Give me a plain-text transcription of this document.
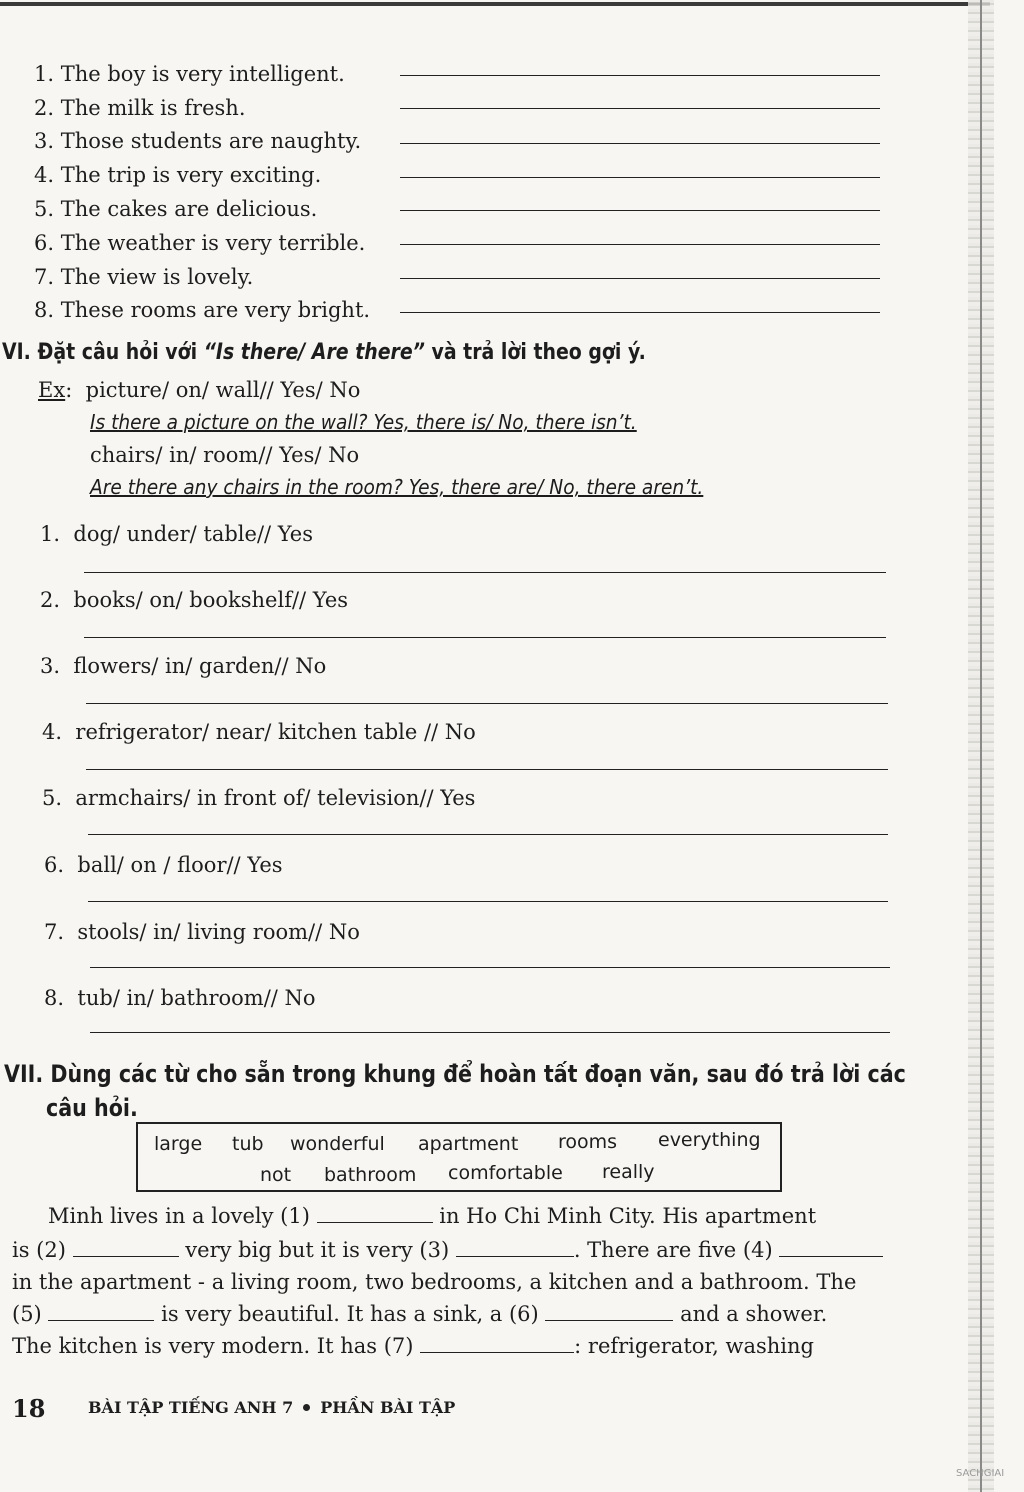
1. The boy is very intelligent.
2. The milk is fresh.
3. Those students are naughty.
4. The trip is very exciting.
5. The cakes are delicious.
6. The weather is very terrible.
7. The view is lovely.
8. These rooms are very bright.
VI. Đặt câu hỏi với “Is there/ Are there” và trả lời theo gợi ý.
Ex:  picture/ on/ wall// Yes/ No
Is there a picture on the wall? Yes, there is/ No, there isn’t.
chairs/ in/ room// Yes/ No
Are there any chairs in the room? Yes, there are/ No, there aren’t.
1. dog/ under/ table// Yes
2. books/ on/ bookshelf// Yes
3. flowers/ in/ garden// No
4. refrigerator/ near/ kitchen table // No
5. armchairs/ in front of/ television// Yes
6. ball/ on / floor// Yes
7. stools/ in/ living room// No
8. tub/ in/ bathroom// No
VII. Dùng các từ cho sẵn trong khung để hoàn tất đoạn văn, sau đó trả lời các
câu hỏi.
large tub wonderful apartment rooms everything
not bathroom comfortable really
Minh lives in a lovely (1)	in Ho Chi Minh City. His apartment
is (2)	very big but it is very (3)	. There are five (4)
in the apartment - a living room, two bedrooms, a kitchen and a bathroom. The
(5)	is very beautiful. It has a sink, a (6)	and a shower.
The kitchen is very modern. It has (7)	: refrigerator, washing
18	BÀI TẬP TIẾNG ANH 7 PHẦN BÀI TẬP
SACHGIAI
